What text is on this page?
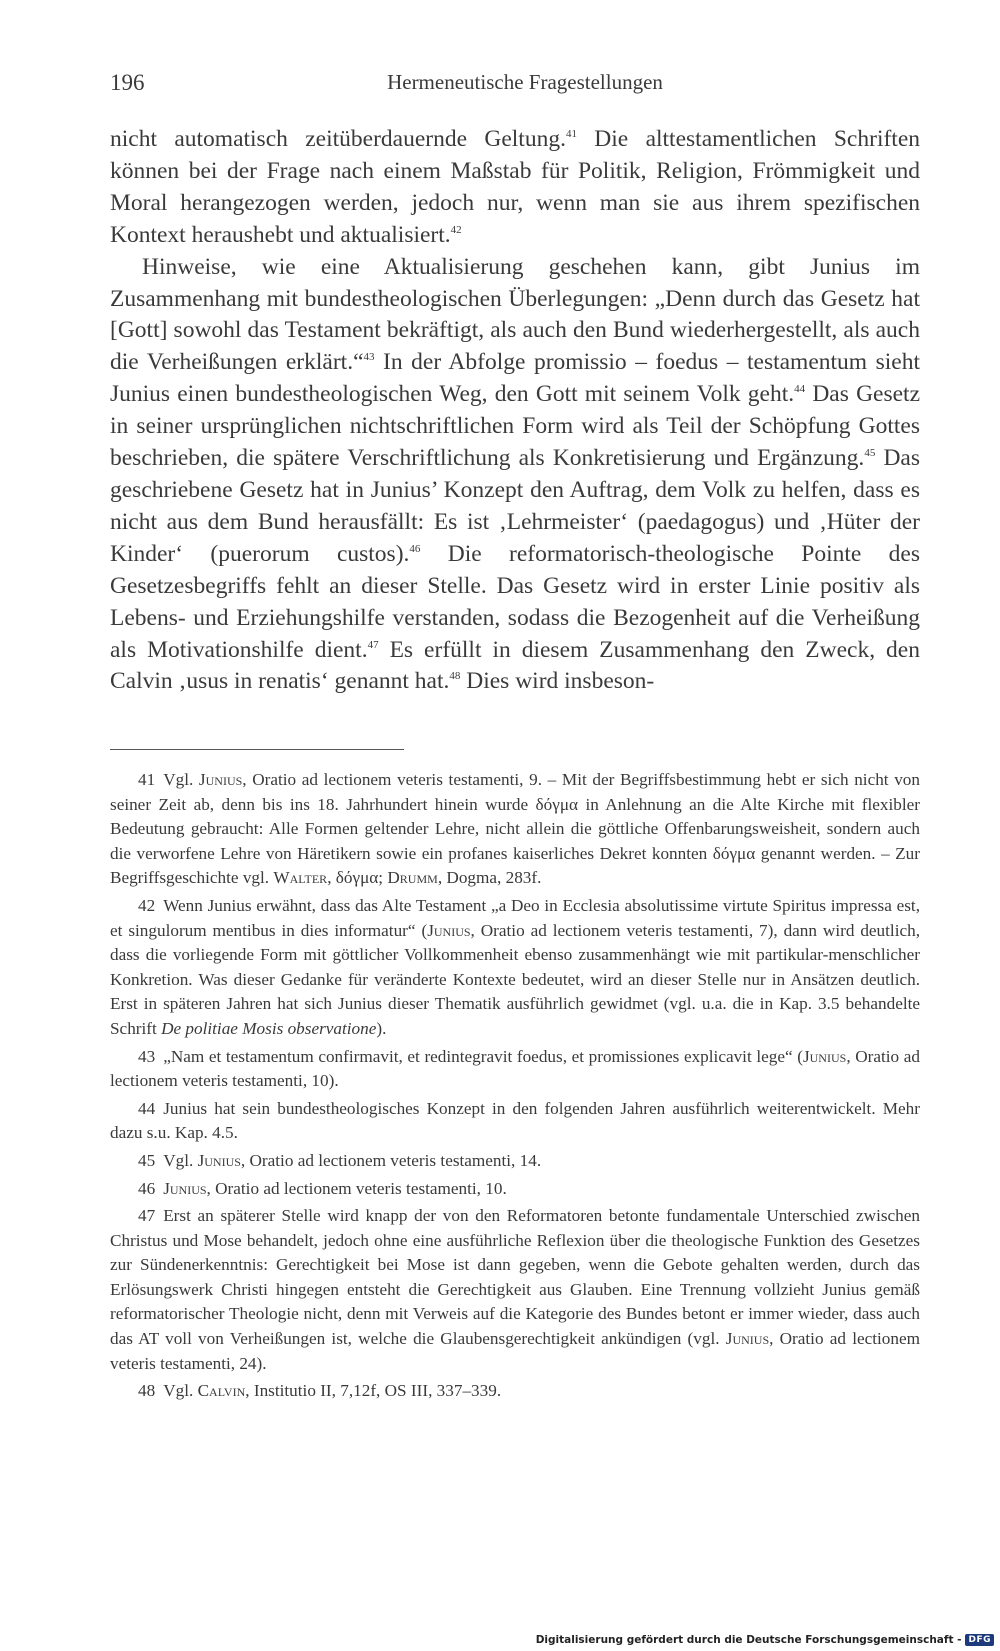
196	Hermeneutische Fragestellungen

nicht automatisch zeitüberdauernde Geltung.$^{41}$ Die alttestamentlichen Schriften können bei der Frage nach einem Maßstab für Politik, Religion, Frömmigkeit und Moral herangezogen werden, jedoch nur, wenn man sie aus ihrem spezifischen Kontext heraushebt und aktualisiert.$^{42}$

Hinweise, wie eine Aktualisierung geschehen kann, gibt Junius im Zusammenhang mit bundestheologischen Überlegungen: „Denn durch das Gesetz hat [Gott] sowohl das Testament bekräftigt, als auch den Bund wiederhergestellt, als auch die Verheißungen erklärt.“$^{43}$ In der Abfolge promissio – foedus – testamentum sieht Junius einen bundestheologischen Weg, den Gott mit seinem Volk geht.$^{44}$ Das Gesetz in seiner ursprünglichen nichtschriftlichen Form wird als Teil der Schöpfung Gottes beschrieben, die spätere Verschriftlichung als Konkretisierung und Ergänzung.$^{45}$ Das geschriebene Gesetz hat in Junius’ Konzept den Auftrag, dem Volk zu helfen, dass es nicht aus dem Bund herausfällt: Es ist ‚Lehrmeister‘ (paedagogus) und ‚Hüter der Kinder‘ (puerorum custos).$^{46}$ Die reformatorisch-theologische Pointe des Gesetzesbegriffs fehlt an dieser Stelle. Das Gesetz wird in erster Linie positiv als Lebens- und Erziehungshilfe verstanden, sodass die Bezogenheit auf die Verheißung als Motivationshilfe dient.$^{47}$ Es erfüllt in diesem Zusammenhang den Zweck, den Calvin ‚usus in renatis‘ genannt hat.$^{48}$ Dies wird insbeson-

41 Vgl. Junius, Oratio ad lectionem veteris testamenti, 9. – Mit der Begriffsbestimmung hebt er sich nicht von seiner Zeit ab, denn bis ins 18. Jahrhundert hinein wurde δόγμα in Anlehnung an die Alte Kirche mit flexibler Bedeutung gebraucht: Alle Formen geltender Lehre, nicht allein die göttliche Offenbarungsweisheit, sondern auch die verworfene Lehre von Häretikern sowie ein profanes kaiserliches Dekret konnten δόγμα genannt werden. – Zur Begriffsgeschichte vgl. Walter, δόγμα; Drumm, Dogma, 283f.

42 Wenn Junius erwähnt, dass das Alte Testament „a Deo in Ecclesia absolutissime virtute Spiritus impressa est, et singulorum mentibus in dies informatur“ (Junius, Oratio ad lectionem veteris testamenti, 7), dann wird deutlich, dass die vorliegende Form mit göttlicher Vollkommenheit ebenso zusammenhängt wie mit partikular-menschlicher Konkretion. Was dieser Gedanke für veränderte Kontexte bedeutet, wird an dieser Stelle nur in Ansätzen deutlich. Erst in späteren Jahren hat sich Junius dieser Thematik ausführlich gewidmet (vgl. u.a. die in Kap. 3.5 behandelte Schrift De politiae Mosis observatione).

43 „Nam et testamentum confirmavit, et redintegravit foedus, et promissiones explicavit lege“ (Junius, Oratio ad lectionem veteris testamenti, 10).

44 Junius hat sein bundestheologisches Konzept in den folgenden Jahren ausführlich weiterentwickelt. Mehr dazu s.u. Kap. 4.5.

45 Vgl. Junius, Oratio ad lectionem veteris testamenti, 14.

46 Junius, Oratio ad lectionem veteris testamenti, 10.

47 Erst an späterer Stelle wird knapp der von den Reformatoren betonte fundamentale Unterschied zwischen Christus und Mose behandelt, jedoch ohne eine ausführliche Reflexion über die theologische Funktion des Gesetzes zur Sündenerkenntnis: Gerechtigkeit bei Mose ist dann gegeben, wenn die Gebote gehalten werden, durch das Erlösungswerk Christi hingegen entsteht die Gerechtigkeit aus Glauben. Eine Trennung vollzieht Junius gemäß reformatorischer Theologie nicht, denn mit Verweis auf die Kategorie des Bundes betont er immer wieder, dass auch das AT voll von Verheißungen ist, welche die Glaubensgerechtigkeit ankündigen (vgl. Junius, Oratio ad lectionem veteris testamenti, 24).

48 Vgl. Calvin, Institutio II, 7,12f, OS III, 337–339.

Digitalisierung gefördert durch die Deutsche Forschungsgemeinschaft - DFG
